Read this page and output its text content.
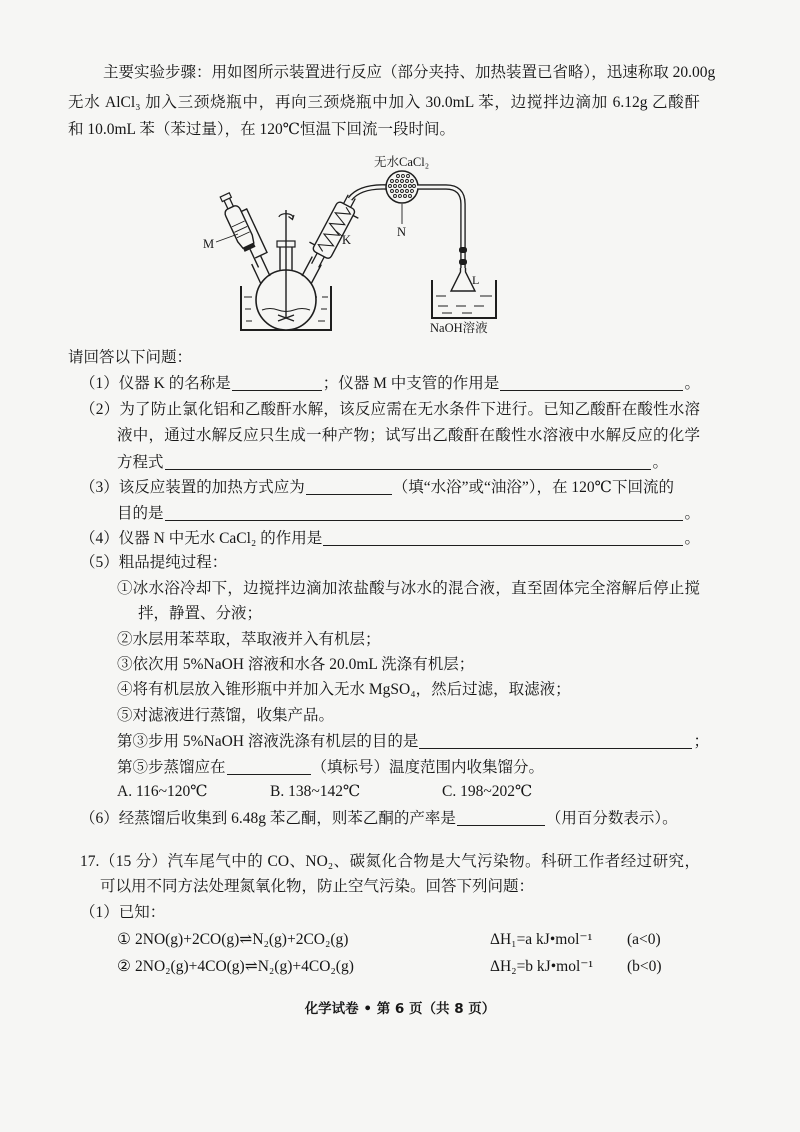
主要实验步骤：用如图所示装置进行反应（部分夹持、加热装置已省略），迅速称取 20.00g
无水 AlCl₃ 加入三颈烧瓶中，再向三颈烧瓶中加入 30.0mL 苯，边搅拌边滴加 6.12g 乙酸酐
和 10.0mL 苯（苯过量），在 120℃恒温下回流一段时间。
无水CaCl₂
M	K
N
L
NaOH溶液
请回答以下问题：
（1）仪器 K 的名称是	；仪器 M 中支管的作用是	。
（2）为了防止氯化铝和乙酸酐水解，该反应需在无水条件下进行。已知乙酸酐在酸性水溶
液中，通过水解反应只生成一种产物；试写出乙酸酐在酸性水溶液中水解反应的化学
方程式	。
（3）该反应装置的加热方式应为	（填“水浴”或“油浴”），在 120℃下回流的
目的是	。
（4）仪器 N 中无水 CaCl₂ 的作用是	。
（5）粗品提纯过程：
①冰水浴冷却下，边搅拌边滴加浓盐酸与冰水的混合液，直至固体完全溶解后停止搅
拌，静置、分液；
②水层用苯萃取，萃取液并入有机层；
③依次用 5%NaOH 溶液和水各 20.0mL 洗涤有机层；
④将有机层放入锥形瓶中并加入无水 MgSO₄，然后过滤，取滤液；
⑤对滤液进行蒸馏，收集产品。
第③步用 5%NaOH 溶液洗涤有机层的目的是	；
第⑤步蒸馏应在	（填标号）温度范围内收集馏分。
A. 116~120℃	B. 138~142℃	C. 198~202℃
（6）经蒸馏后收集到 6.48g 苯乙酮，则苯乙酮的产率是	（用百分数表示）。
17.（15 分）汽车尾气中的 CO、NO₂、碳氮化合物是大气污染物。科研工作者经过研究，
可以用不同方法处理氮氧化物，防止空气污染。回答下列问题：
（1）已知：
① 2NO(g)+2CO(g)⇌N₂(g)+2CO₂(g)	ΔH₁=a kJ•mol⁻¹ (a<0)
② 2NO₂(g)+4CO(g)⇌N₂(g)+4CO₂(g)	ΔH₂=b kJ•mol⁻¹ (b<0)
化学试卷 • 第 6 页（共 8 页）
